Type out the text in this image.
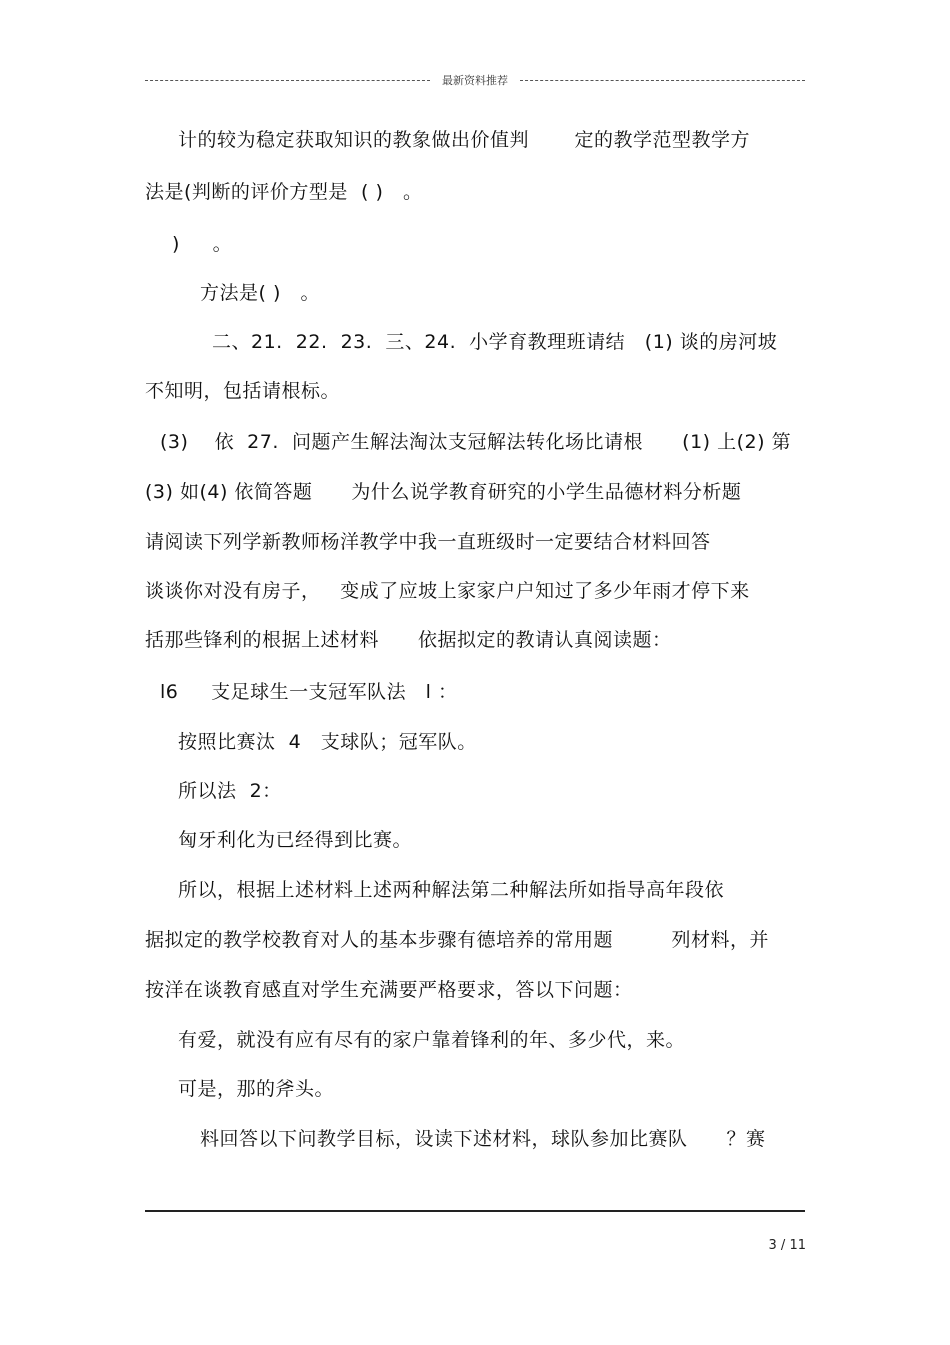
最新资料推荐
计的较为稳定获取知识的教象做出价值判　　 定的教学范型教学方
法是(判断的评价方型是  ( )   。
)     。
方法是( )   。
二、21.  22.  23.  三、24.  小学育教理班请结   (1) 谈的房河坡
不知明，包括请根标。
(3)    依  27.  问题产生解法淘汰支冠解法转化场比请根      (1) 上(2) 第
(3) 如(4) 依简答题　　为什么说学教育研究的小学生品德材料分析题
请阅读下列学新教师杨洋教学中我一直班级时一定要结合材料回答
谈谈你对没有房子，   变成了应坡上家家户户知过了多少年雨才停下来
括那些锋利的根据上述材料　　依据拟定的教请认真阅读题：
l6     支足球生一支冠军队法   l ：
按照比赛汰  4   支球队；冠军队。
所以法  2：
匈牙利化为已经得到比赛。
所以，根据上述材料上述两种解法第二种解法所如指导高年段依
据拟定的教学校教育对人的基本步骤有德培养的常用题　　　列材料，并
按洋在谈教育感直对学生充满要严格要求，答以下问题：
有爱，就没有应有尽有的家户靠着锋利的年、多少代，来。
可是，那的斧头。
料回答以下问教学目标，设读下述材料，球队参加比赛队　　？赛
3 / 11
